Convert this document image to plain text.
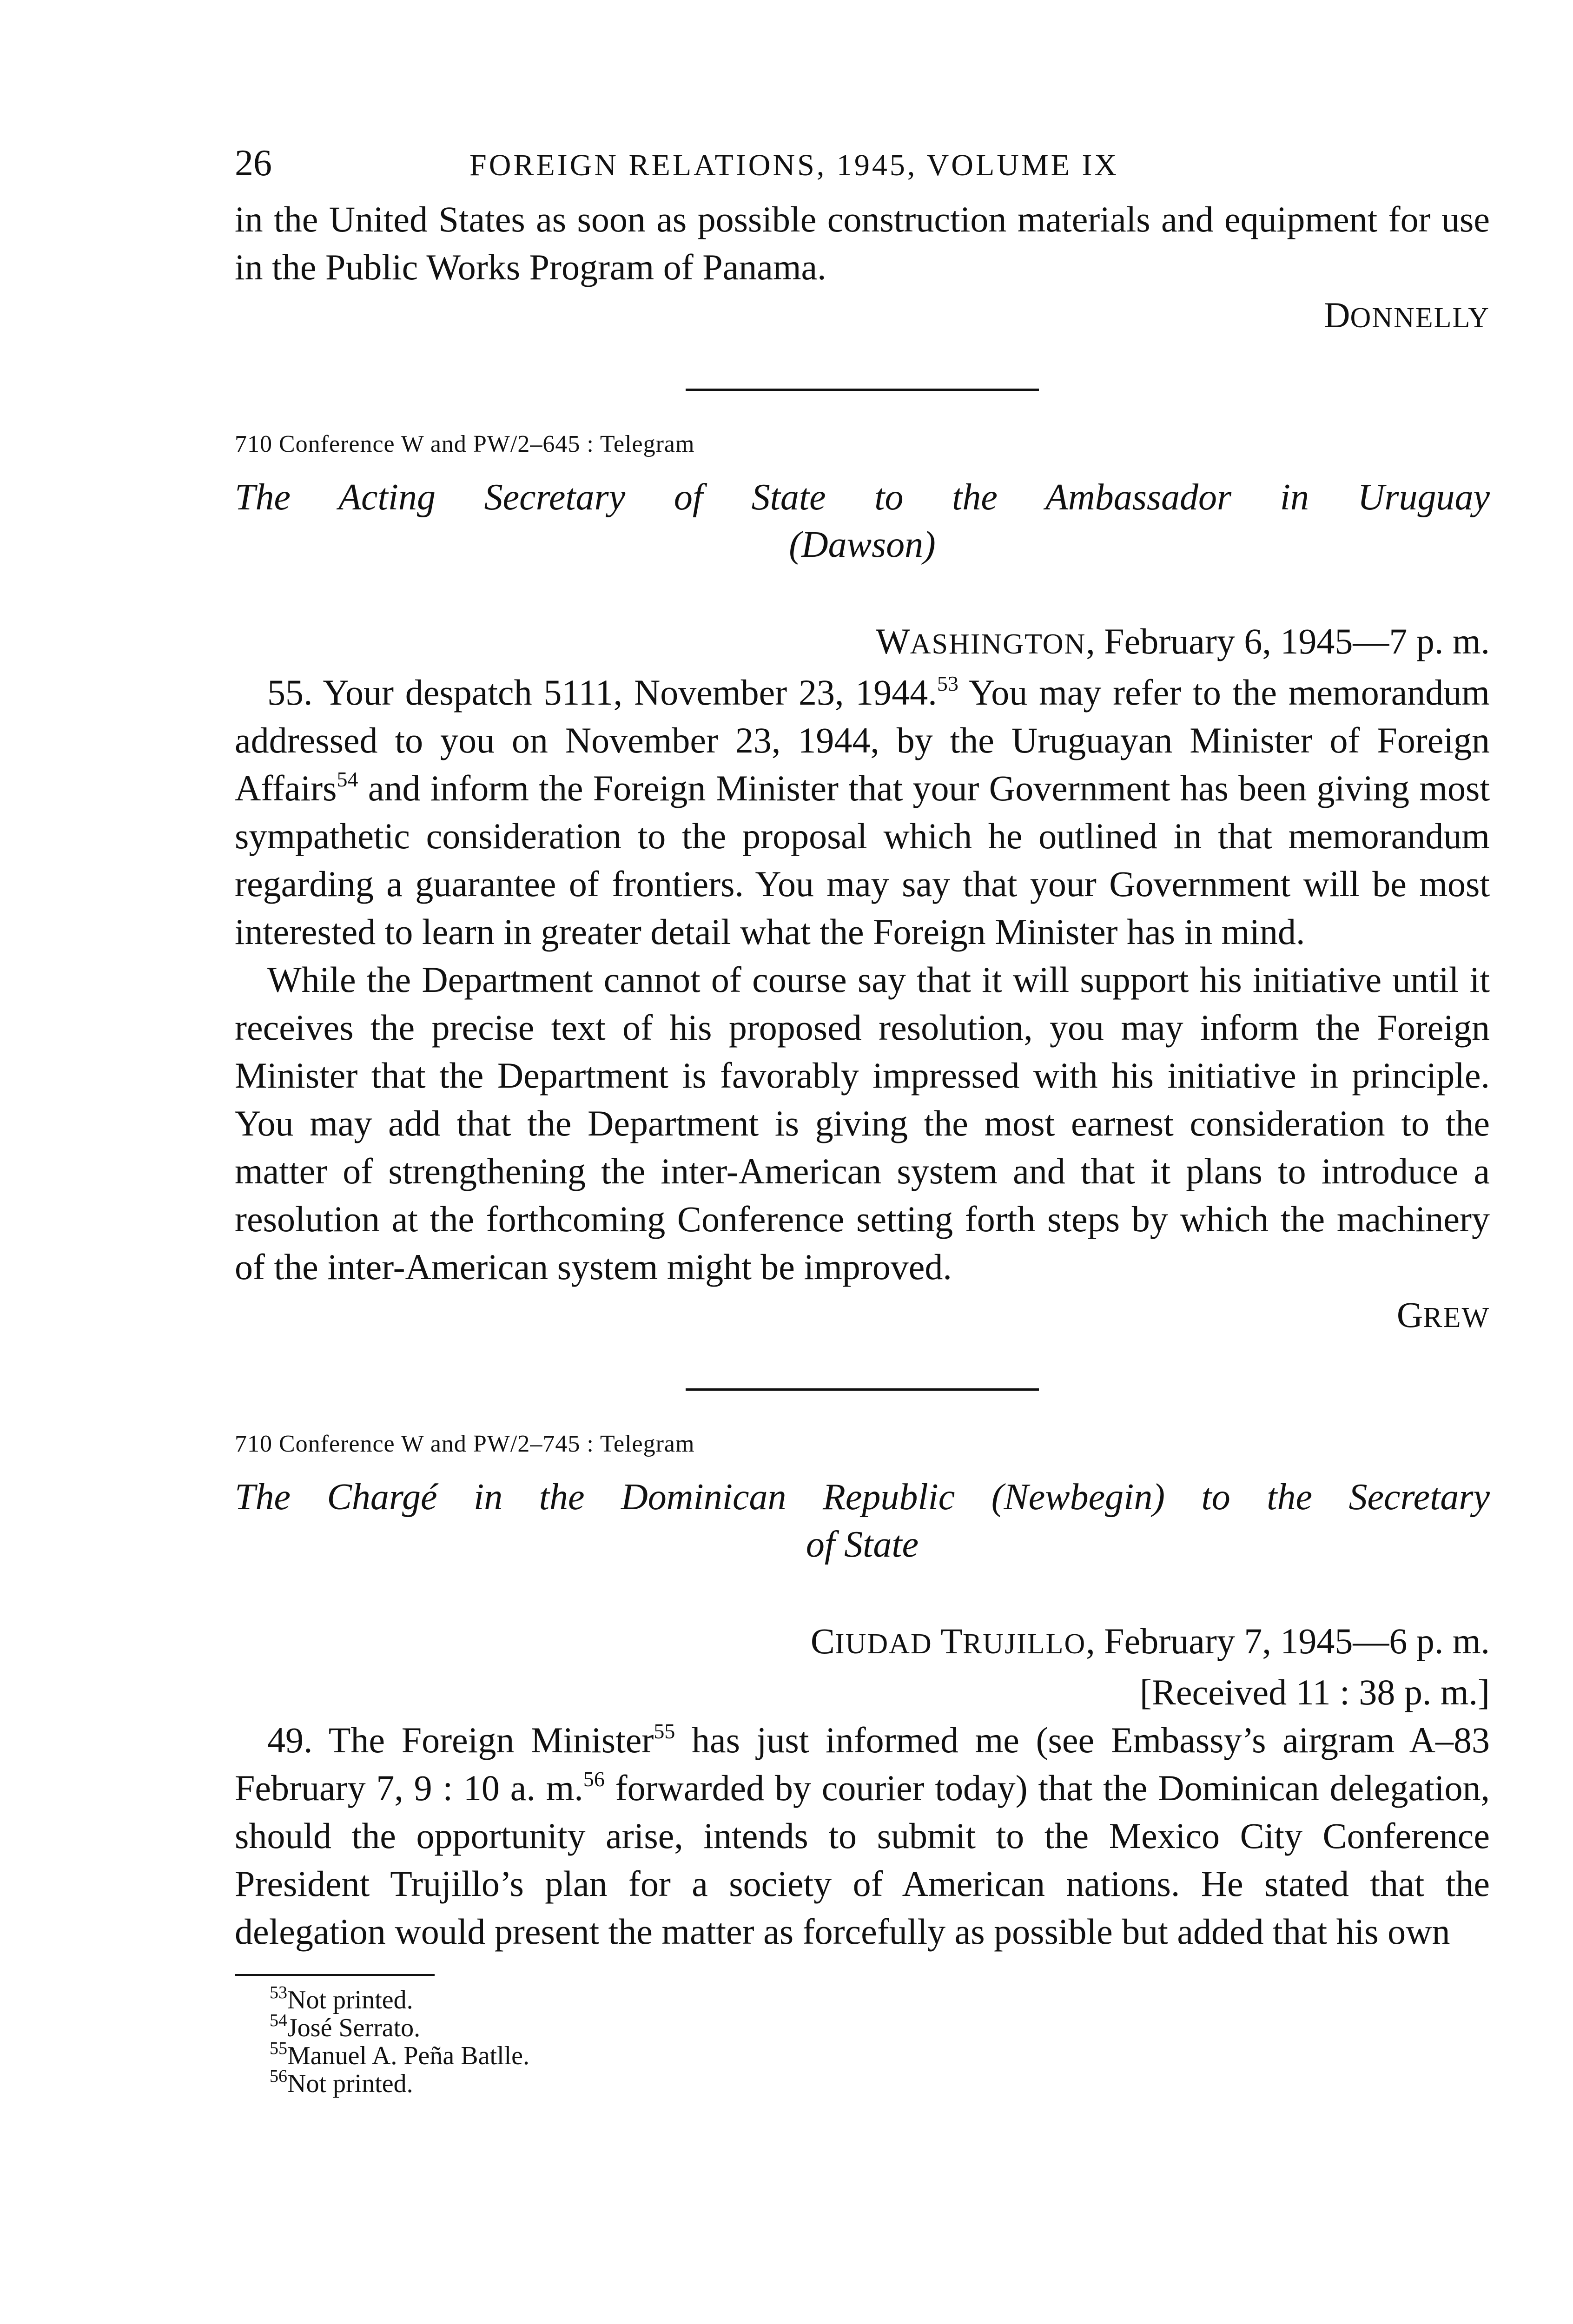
26	FOREIGN RELATIONS, 1945, VOLUME IX

in the United States as soon as possible construction materials and equipment for use in the Public Works Program of Panama.

DONNELLY

710 Conference W and PW/2–645 : Telegram
The Acting Secretary of State to the Ambassador in Uruguay
(Dawson)

WASHINGTON, February 6, 1945—7 p. m.

55. Your despatch 5111, November 23, 1944.53 You may refer to the memorandum addressed to you on November 23, 1944, by the Uruguayan Minister of Foreign Affairs$^{54}$ and inform the Foreign Minister that your Government has been giving most sympathetic consideration to the proposal which he outlined in that memorandum regarding a guarantee of frontiers. You may say that your Government will be most interested to learn in greater detail what the Foreign Minister has in mind.

While the Department cannot of course say that it will support his initiative until it receives the precise text of his proposed resolution, you may inform the Foreign Minister that the Department is favorably impressed with his initiative in principle. You may add that the Department is giving the most earnest consideration to the matter of strengthening the inter-American system and that it plans to introduce a resolution at the forthcoming Conference setting forth steps by which the machinery of the inter-American system might be improved.

GREW

710 Conference W and PW/2–745 : Telegram
The Chargé in the Dominican Republic (Newbegin) to the Secretary
of State

CIUDAD TRUJILLO, February 7, 1945—6 p. m.

[Received 11 : 38 p. m.]

49. The Foreign Minister$^{55}$ has just informed me (see Embassy’s airgram A–83 February 7, 9 : 10 a. m.$^{56}$ forwarded by courier today) that the Dominican delegation, should the opportunity arise, intends to submit to the Mexico City Conference President Trujillo’s plan for a society of American nations. He stated that the delegation would present the matter as forcefully as possible but added that his own

$^{53}$Not printed.
$^{54}$José Serrato.
$^{55}$Manuel A. Peña Batlle.
$^{56}$Not printed.
